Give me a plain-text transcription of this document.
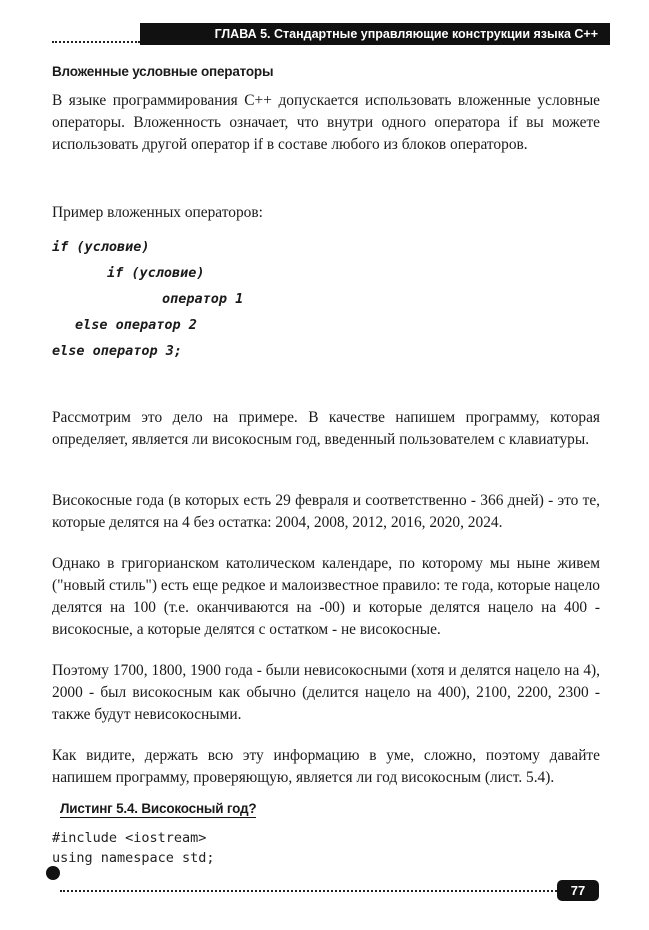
ГЛАВА 5. Стандартные управляющие конструкции языка С++
Вложенные условные операторы

В языке программирования С++ допускается использовать вложенные условные операторы. Вложенность означает, что внутри одного оператора if вы можете использовать другой оператор if в составе любого из блоков операторов.

Пример вложенных операторов:

if (условие)
if (условие)
оператор 1
else оператор 2
else оператор 3;

Рассмотрим это дело на примере. В качестве напишем программу, которая определяет, является ли високосным год, введенный пользователем с клавиатуры.

Високосные года (в которых есть 29 февраля и соответственно - 366 дней) - это те, которые делятся на 4 без остатка: 2004, 2008, 2012, 2016, 2020, 2024.

Однако в григорианском католическом календаре, по которому мы ныне живем ("новый стиль") есть еще редкое и малоизвестное правило: те года, которые нацело делятся на 100 (т.е. оканчиваются на -00) и которые делятся нацело на 400 - високосные, а которые делятся с остатком - не високосные.

Поэтому 1700, 1800, 1900 года - были невисокосными (хотя и делятся нацело на 4), 2000 - был високосным как обычно (делится нацело на 400), 2100, 2200, 2300 - также будут невисокосными.

Как видите, держать всю эту информацию в уме, сложно, поэтому давайте напишем программу, проверяющую, является ли год високосным (лист. 5.4).

Листинг 5.4. Високосный год?
#include <iostream>
using namespace std;
77
